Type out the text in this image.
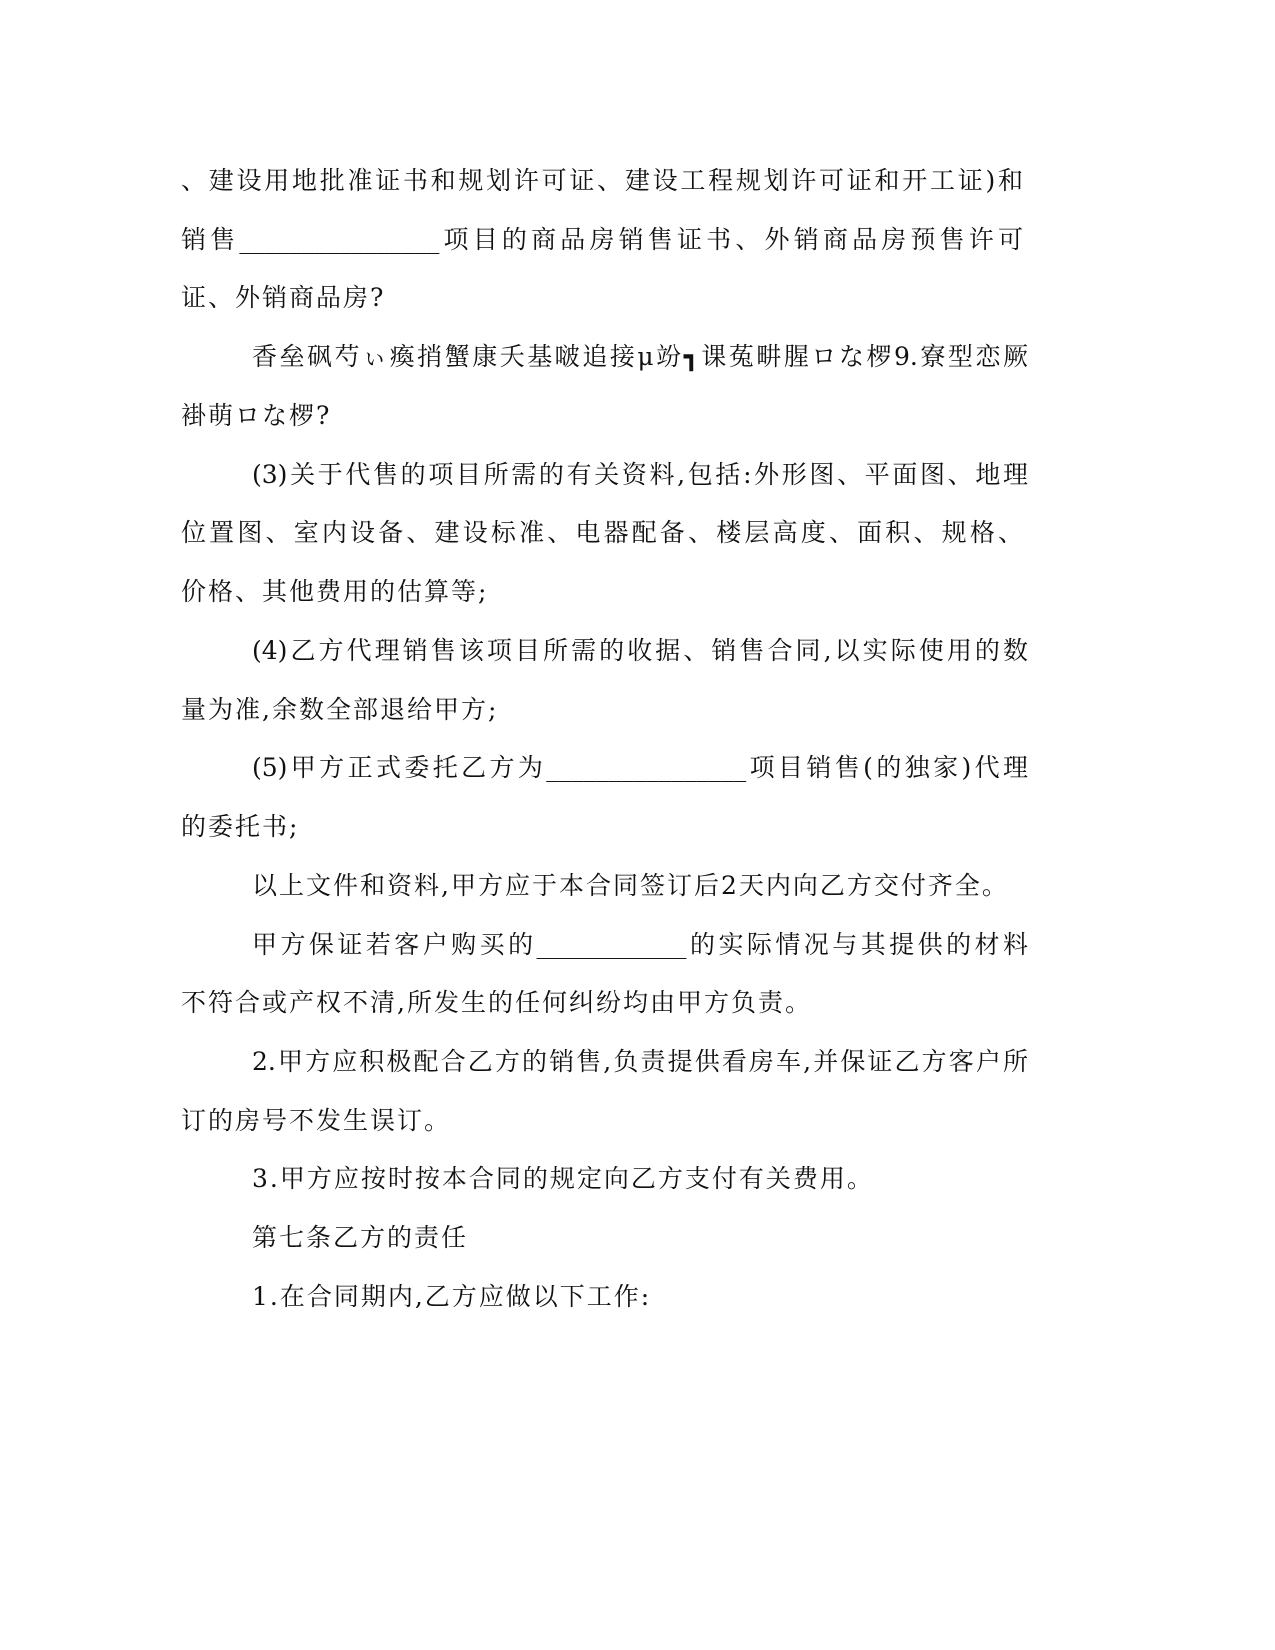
、建设用地批准证书和规划许可证、建设工程规划许可证和开工证)和
销售________________项目的商品房销售证书、外销商品房预售许可
证、外销商品房?
香垒砜芍ぃ瘓捎蟹康夭基啵追接μ竕┓课菟畊腥ロな椤9.寮型恋厥
褂萌ロな椤?
(3)关于代售的项目所需的有关资料,包括:外形图、平面图、地理
位置图、室内设备、建设标准、电器配备、楼层高度、面积、规格、
价格、其他费用的估算等;
(4)乙方代理销售该项目所需的收据、销售合同,以实际使用的数
量为准,余数全部退给甲方;
(5)甲方正式委托乙方为________________项目销售(的独家)代理
的委托书;
以上文件和资料,甲方应于本合同签订后2天内向乙方交付齐全。
甲方保证若客户购买的____________的实际情况与其提供的材料
不符合或产权不清,所发生的任何纠纷均由甲方负责。
2.甲方应积极配合乙方的销售,负责提供看房车,并保证乙方客户所
订的房号不发生误订。
3.甲方应按时按本合同的规定向乙方支付有关费用。
第七条乙方的责任
1.在合同期内,乙方应做以下工作:
